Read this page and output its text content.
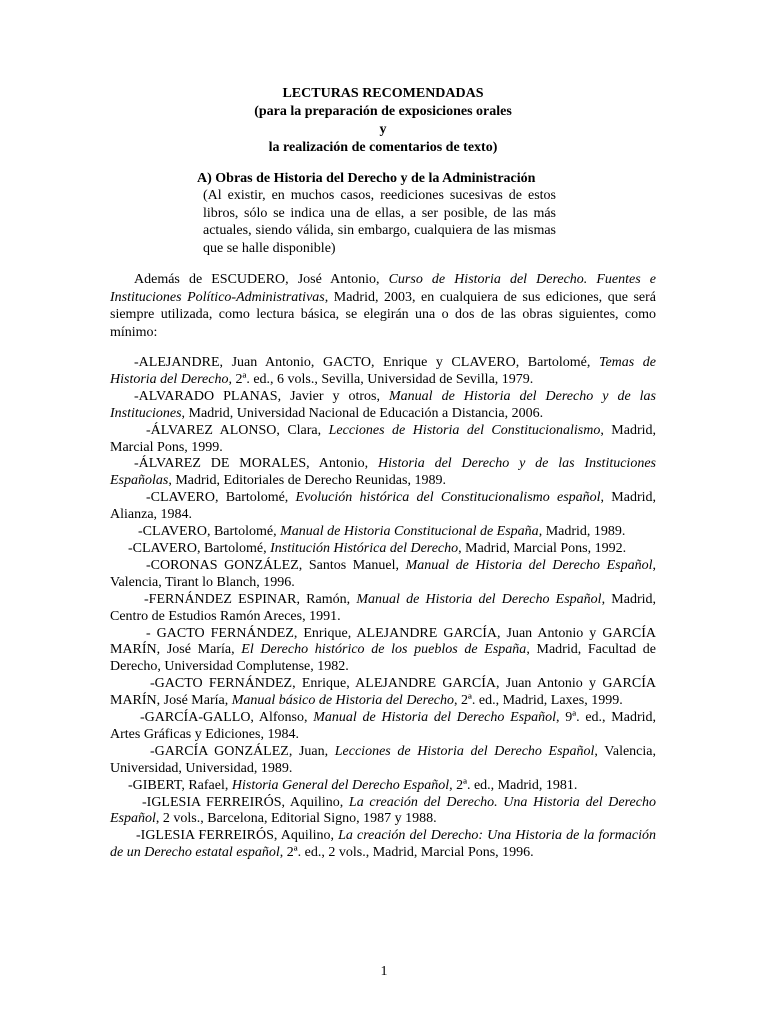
LECTURAS RECOMENDADAS
(para la preparación de exposiciones orales
y
la realización de comentarios de texto)
A) Obras de Historia del Derecho y de la Administración
(Al existir, en muchos casos, reediciones sucesivas de estos libros, sólo se indica una de ellas, a ser posible, de las más actuales, siendo válida, sin embargo, cualquiera de las mismas que se halle disponible)

Además de ESCUDERO, José Antonio, Curso de Historia del Derecho. Fuentes e Instituciones Político-Administrativas, Madrid, 2003, en cualquiera de sus ediciones, que será siempre utilizada, como lectura básica, se elegirán una o dos de las obras siguientes, como mínimo:

-ALEJANDRE, Juan Antonio, GACTO, Enrique y CLAVERO, Bartolomé, Temas de Historia del Derecho, 2ª. ed., 6 vols., Sevilla, Universidad de Sevilla, 1979.

-ALVARADO PLANAS, Javier y otros, Manual de Historia del Derecho y de las Instituciones, Madrid, Universidad Nacional de Educación a Distancia, 2006.

-ÁLVAREZ ALONSO, Clara, Lecciones de Historia del Constitucionalismo, Madrid, Marcial Pons, 1999.

-ÁLVAREZ DE MORALES, Antonio, Historia del Derecho y de las Instituciones Españolas, Madrid, Editoriales de Derecho Reunidas, 1989.

-CLAVERO, Bartolomé, Evolución histórica del Constitucionalismo español, Madrid, Alianza, 1984.

-CLAVERO, Bartolomé, Manual de Historia Constitucional de España, Madrid, 1989.

-CLAVERO, Bartolomé, Institución Histórica del Derecho, Madrid, Marcial Pons, 1992.

-CORONAS GONZÁLEZ, Santos Manuel, Manual de Historia del Derecho Español, Valencia, Tirant lo Blanch, 1996.

-FERNÁNDEZ ESPINAR, Ramón, Manual de Historia del Derecho Español, Madrid, Centro de Estudios Ramón Areces, 1991.

- GACTO FERNÁNDEZ, Enrique, ALEJANDRE GARCÍA, Juan Antonio y GARCÍA MARÍN, José María, El Derecho histórico de los pueblos de España, Madrid, Facultad de Derecho, Universidad Complutense, 1982.

-GACTO FERNÁNDEZ, Enrique, ALEJANDRE GARCÍA, Juan Antonio y GARCÍA MARÍN, José María, Manual básico de Historia del Derecho, 2ª. ed., Madrid, Laxes, 1999.

-GARCÍA-GALLO, Alfonso, Manual de Historia del Derecho Español, 9ª. ed., Madrid, Artes Gráficas y Ediciones, 1984.

-GARCÍA GONZÁLEZ, Juan, Lecciones de Historia del Derecho Español, Valencia, Universidad, Universidad, 1989.

-GIBERT, Rafael, Historia General del Derecho Español, 2ª. ed., Madrid, 1981.

-IGLESIA FERREIRÓS, Aquilino, La creación del Derecho. Una Historia del Derecho Español, 2 vols., Barcelona, Editorial Signo, 1987 y 1988.

-IGLESIA FERREIRÓS, Aquilino, La creación del Derecho: Una Historia de la formación de un Derecho estatal español, 2ª. ed., 2 vols., Madrid, Marcial Pons, 1996.

1
